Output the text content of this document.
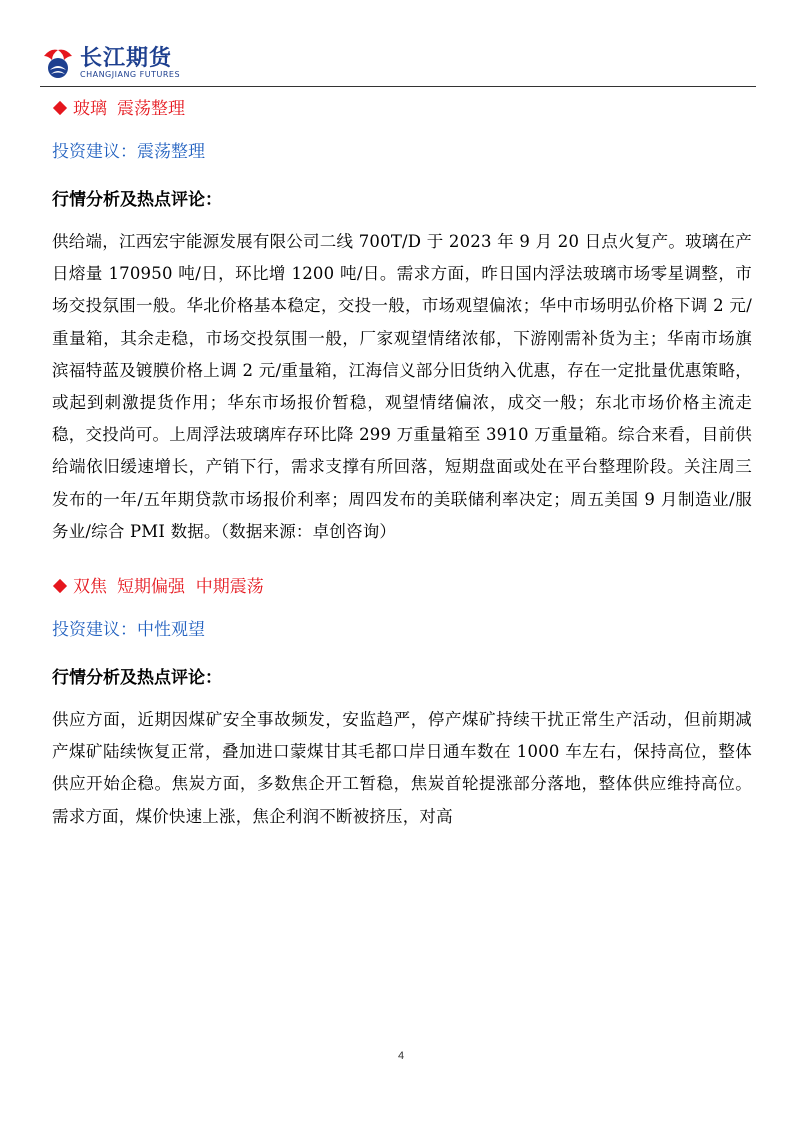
长江期货
CHANGJIANG FUTURES
玻璃 震荡整理
投资建议：震荡整理
行情分析及热点评论：
供给端，江西宏宇能源发展有限公司二线 700T/D 于 2023 年 9 月 20 日点火复产。玻璃在产日熔量 170950 吨/日，环比增 1200 吨/日。需求方面，昨日国内浮法玻璃市场零星调整，市场交投氛围一般。华北价格基本稳定，交投一般，市场观望偏浓；华中市场明弘价格下调 2 元/重量箱，其余走稳，市场交投氛围一般，厂家观望情绪浓郁，下游刚需补货为主；华南市场旗滨福特蓝及镀膜价格上调 2 元/重量箱，江海信义部分旧货纳入优惠，存在一定批量优惠策略，或起到刺激提货作用；华东市场报价暂稳，观望情绪偏浓，成交一般；东北市场价格主流走稳，交投尚可。上周浮法玻璃库存环比降 299 万重量箱至 3910 万重量箱。综合来看，目前供给端依旧缓速增长，产销下行，需求支撑有所回落，短期盘面或处在平台整理阶段。关注周三发布的一年/五年期贷款市场报价利率；周四发布的美联储利率决定；周五美国 9 月制造业/服务业/综合 PMI 数据。（数据来源：卓创咨询）
双焦 短期偏强  中期震荡
投资建议：中性观望
行情分析及热点评论：
供应方面，近期因煤矿安全事故频发，安监趋严，停产煤矿持续干扰正常生产活动，但前期减产煤矿陆续恢复正常，叠加进口蒙煤甘其毛都口岸日通车数在 1000 车左右，保持高位，整体供应开始企稳。焦炭方面，多数焦企开工暂稳，焦炭首轮提涨部分落地，整体供应维持高位。需求方面，煤价快速上涨，焦企利润不断被挤压，对高
4
